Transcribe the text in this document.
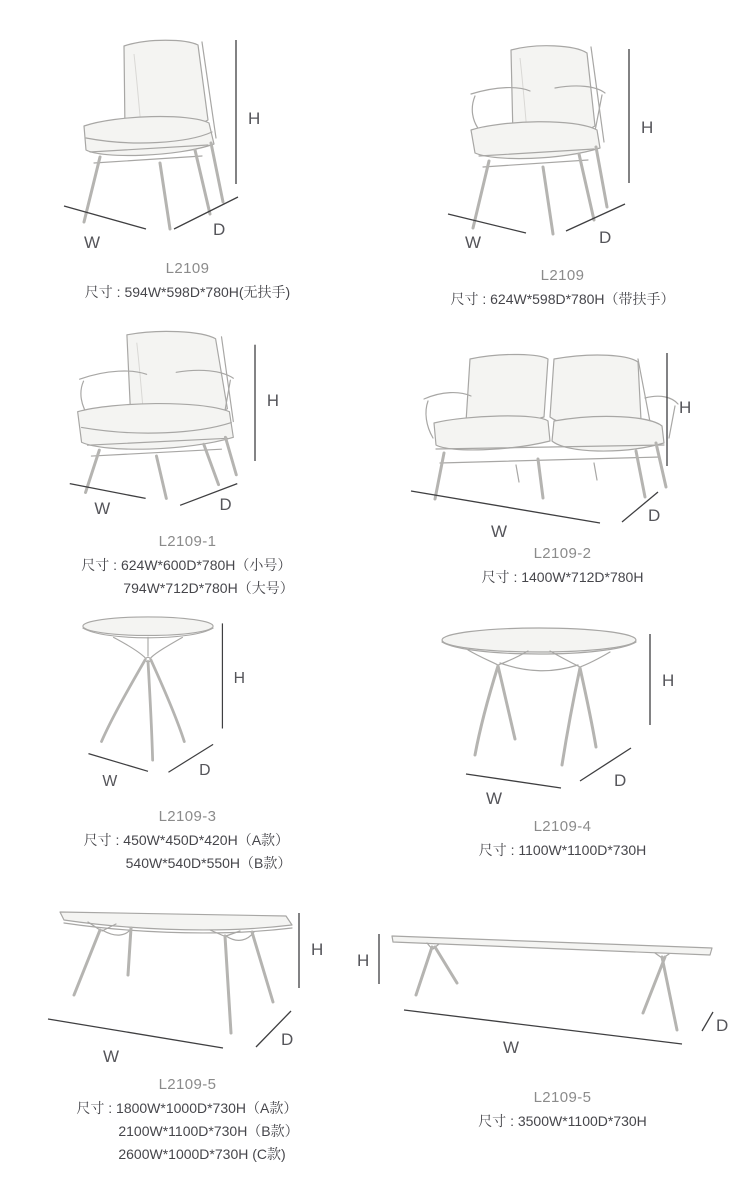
H
W
D
L2109
尺寸 : 594W*598D*780H(无扶手)
H
W	D
L2109
尺寸 : 624W*598D*780H（带扶手）
H
W	D
L2109-1
尺寸 : 624W*600D*780H（小号）
794W*712D*780H（大号）
H
W
D
L2109-2
尺寸 : 1400W*712D*780H
H
W
D
L2109-3
尺寸 : 450W*450D*420H（A款）
540W*540D*550H（B款）
H
W
D
L2109-4
尺寸 : 1100W*1100D*730H
H
W
D
L2109-5
尺寸 : 1800W*1000D*730H（A款）
2100W*1100D*730H（B款）
2600W*1000D*730H (C款)
H
W
D
L2109-5
尺寸 : 3500W*1100D*730H
